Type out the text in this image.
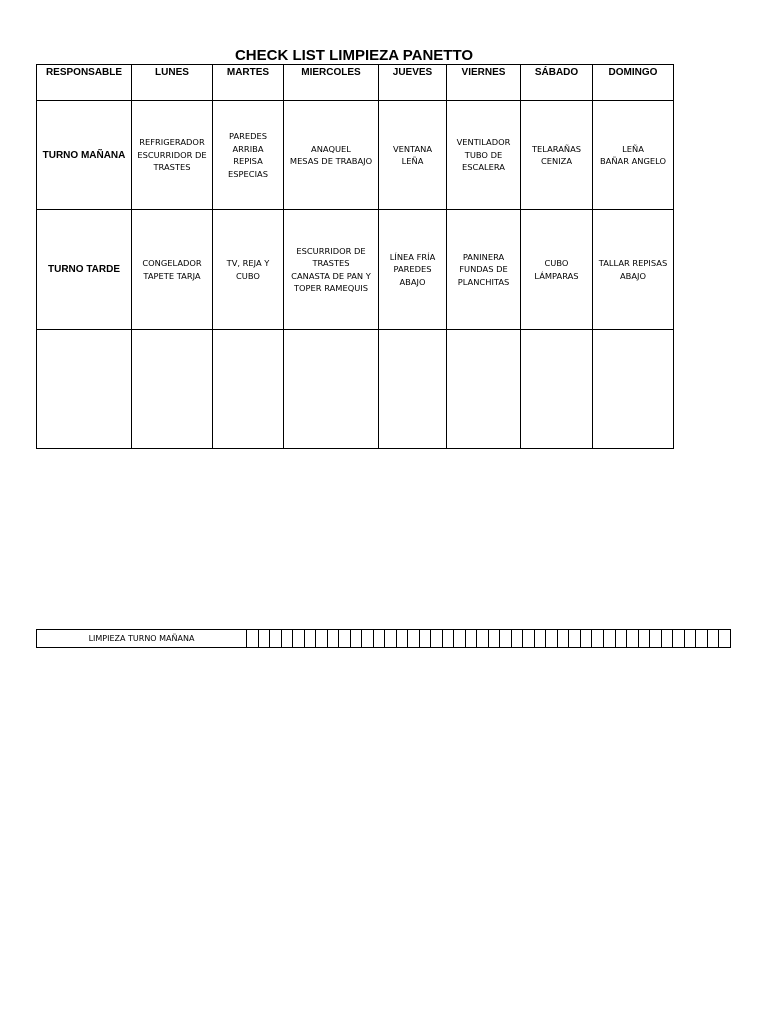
CHECK LIST LIMPIEZA PANETTO
RESPONSABLE	LUNES	MARTES	MIERCOLES	JUEVES	VIERNES	SÁBADO	DOMINGO
TURNO MAÑANA	REFRIGERADOR
ESCURRIDOR DE
TRASTES	PAREDES
ARRIBA
REPISA
ESPECIAS	ANAQUEL
MESAS DE TRABAJO	VENTANA
LEÑA	VENTILADOR
TUBO DE
ESCALERA	TELARAÑAS
CENIZA	LEÑA
BAÑAR ANGELO

TURNO TARDE	CONGELADOR
TAPETE TARJA	TV, REJA Y
CUBO	ESCURRIDOR DE
TRASTES
CANASTA DE PAN Y
TOPER RAMEQUIS	LÍNEA FRÍA
PAREDES
ABAJO	PANINERA
FUNDAS DE
PLANCHITAS	CUBO
LÁMPARAS	TALLAR REPISAS
ABAJO

LIMPIEZA TURNO MAÑANA																																										
